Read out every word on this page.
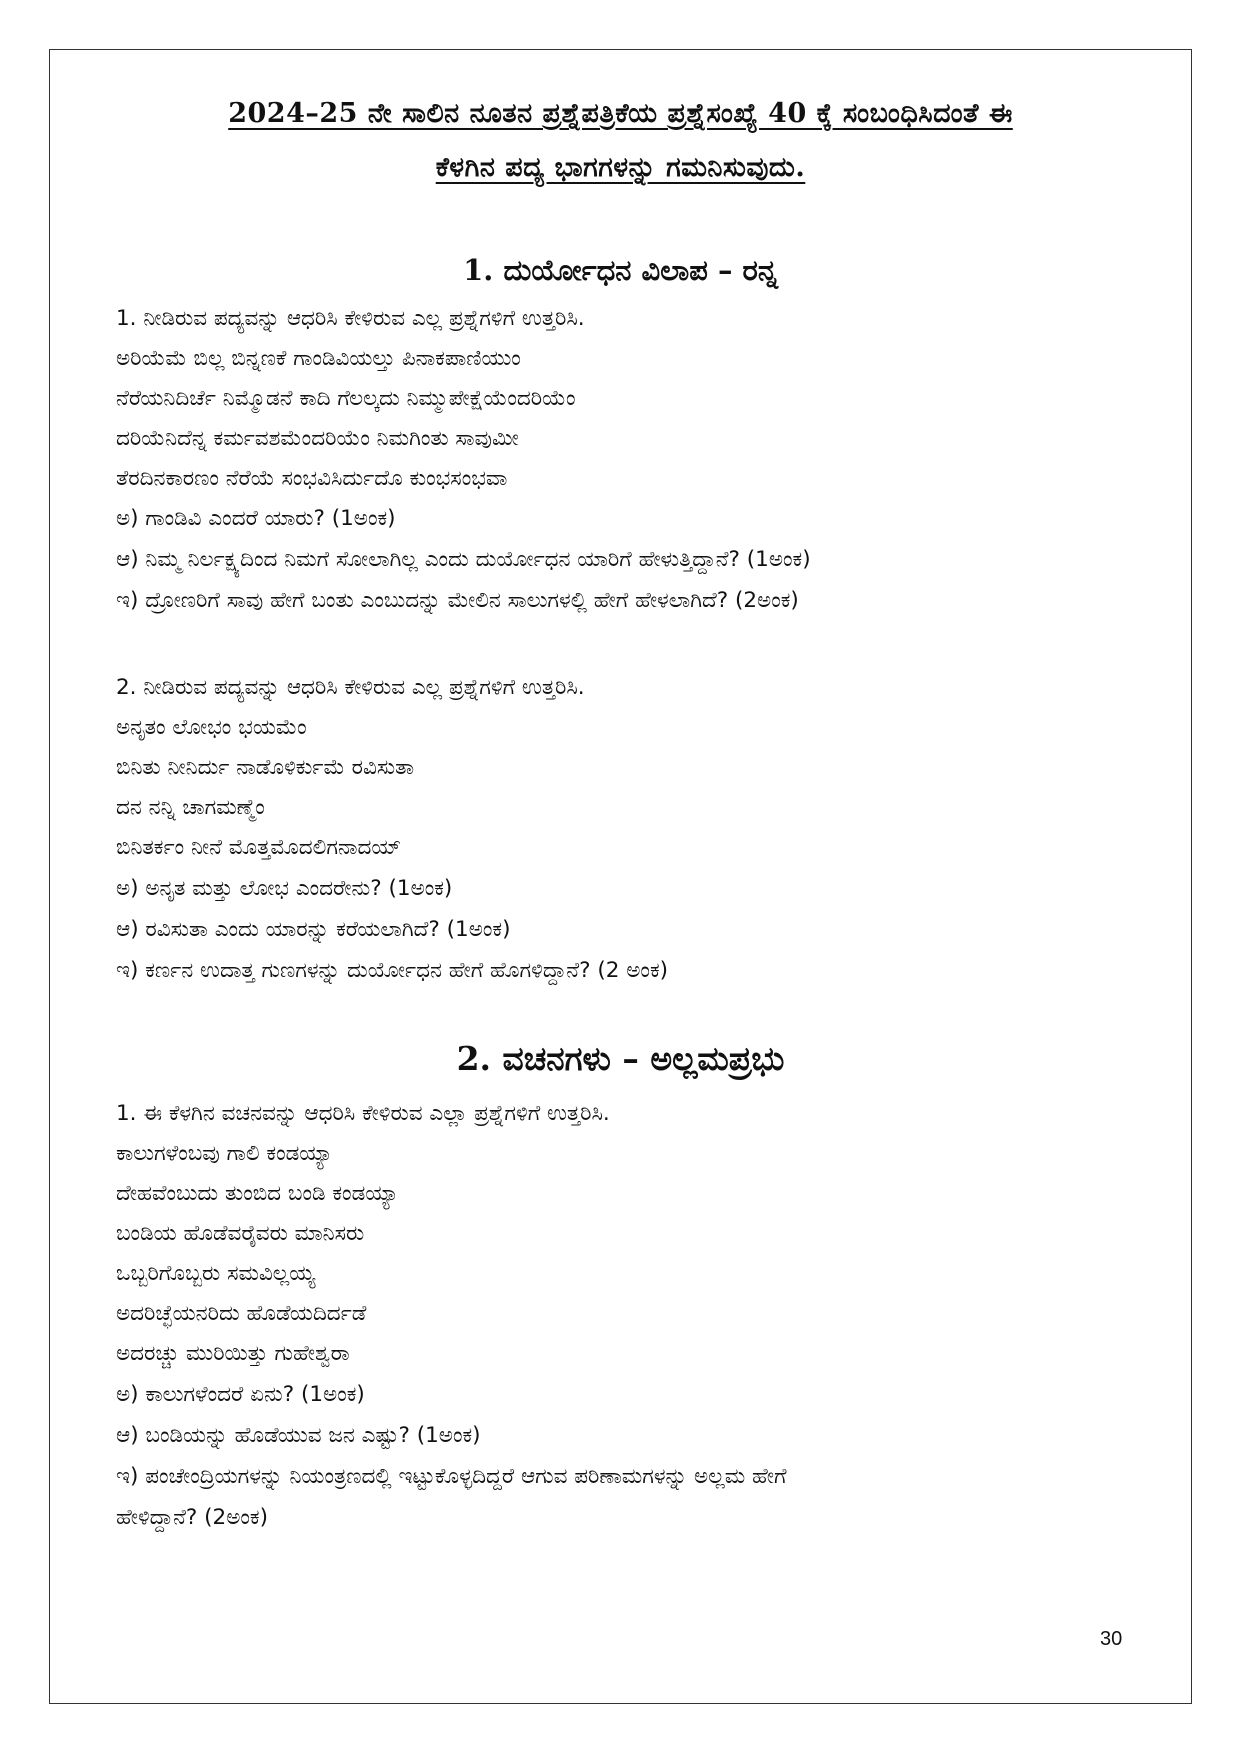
2024–25 ನೇ ಸಾಲಿನ ನೂತನ ಪ್ರಶ್ನೆಪತ್ರಿಕೆಯ ಪ್ರಶ್ನೆಸಂಖ್ಯೆ 40 ಕ್ಕೆ ಸಂಬಂಧಿಸಿದಂತೆ ಈ
ಕೆಳಗಿನ ಪದ್ಯ ಭಾಗಗಳನ್ನು ಗಮನಿಸುವುದು.
1. ದುರ್ಯೋಧನ ವಿಲಾಪ – ರನ್ನ
1. ನೀಡಿರುವ ಪದ್ಯವನ್ನು ಆಧರಿಸಿ ಕೇಳಿರುವ ಎಲ್ಲ ಪ್ರಶ್ನೆಗಳಿಗೆ ಉತ್ತರಿಸಿ.
ಅರಿಯೆಮೆ ಬಿಲ್ಲ ಬಿನ್ನಣಕೆ ಗಾಂಡಿವಿಯಲ್ತು ಪಿನಾಕಪಾಣಿಯುಂ
ನೆರೆಯನಿದಿರ್ಚೆ ನಿಮ್ಮೊಡನೆ ಕಾದಿ ಗೆಲಲ್ಕದು ನಿಮ್ಮುಪೇಕ್ಷೆಯೆಂದರಿಯೆಂ
ದರಿಯೆನಿದೆನ್ನ ಕರ್ಮವಶಮೆಂದರಿಯೆಂ ನಿಮಗಿಂತು ಸಾವುಮೀ
ತೆರದಿನಕಾರಣಂ ನೆರೆಯೆ ಸಂಭವಿಸಿರ್ದುದೊ ಕುಂಭಸಂಭವಾ
ಅ) ಗಾಂಡಿವಿ ಎಂದರೆ ಯಾರು? (1ಅಂಕ)
ಆ) ನಿಮ್ಮ ನಿರ್ಲಕ್ಷ್ಯದಿಂದ ನಿಮಗೆ ಸೋಲಾಗಿಲ್ಲ ಎಂದು ದುರ್ಯೋಧನ ಯಾರಿಗೆ ಹೇಳುತ್ತಿದ್ದಾನೆ? (1ಅಂಕ)
ಇ) ದ್ರೋಣರಿಗೆ ಸಾವು ಹೇಗೆ ಬಂತು ಎಂಬುದನ್ನು ಮೇಲಿನ ಸಾಲುಗಳಲ್ಲಿ ಹೇಗೆ ಹೇಳಲಾಗಿದೆ? (2ಅಂಕ)
2. ನೀಡಿರುವ ಪದ್ಯವನ್ನು ಆಧರಿಸಿ ಕೇಳಿರುವ ಎಲ್ಲ ಪ್ರಶ್ನೆಗಳಿಗೆ ಉತ್ತರಿಸಿ.
ಅನೃತಂ ಲೋಭಂ ಭಯಮೆಂ
ಬಿನಿತು ನೀನಿರ್ದು ನಾಡೊಳಿರ್ಕುಮೆ ರವಿಸುತಾ
ದನ ನನ್ನಿ ಚಾಗಮಣ್ಮೆಂ
ಬಿನಿತರ್ಕಂ ನೀನೆ ಮೊತ್ತಮೊದಲಿಗನಾದಯ್
ಅ) ಅನೃತ ಮತ್ತು ಲೋಭ ಎಂದರೇನು? (1ಅಂಕ)
ಆ) ರವಿಸುತಾ ಎಂದು ಯಾರನ್ನು ಕರೆಯಲಾಗಿದೆ? (1ಅಂಕ)
ಇ) ಕರ್ಣನ ಉದಾತ್ತ ಗುಣಗಳನ್ನು ದುರ್ಯೋಧನ ಹೇಗೆ ಹೊಗಳಿದ್ದಾನೆ? (2 ಅಂಕ)
2. ವಚನಗಳು – ಅಲ್ಲಮಪ್ರಭು
1. ಈ ಕೆಳಗಿನ ವಚನವನ್ನು ಆಧರಿಸಿ ಕೇಳಿರುವ ಎಲ್ಲಾ ಪ್ರಶ್ನೆಗಳಿಗೆ ಉತ್ತರಿಸಿ.
ಕಾಲುಗಳೆಂಬವು ಗಾಲಿ ಕಂಡಯ್ಯಾ
ದೇಹವೆಂಬುದು ತುಂಬಿದ ಬಂಡಿ ಕಂಡಯ್ಯಾ
ಬಂಡಿಯ ಹೊಡೆವರೈವರು ಮಾನಿಸರು
ಒಬ್ಬರಿಗೊಬ್ಬರು ಸಮವಿಲ್ಲಯ್ಯ
ಅದರಿಚ್ಛೆಯನರಿದು ಹೊಡೆಯದಿರ್ದಡೆ
ಅದರಚ್ಚು ಮುರಿಯಿತ್ತು ಗುಹೇಶ್ವರಾ
ಅ) ಕಾಲುಗಳೆಂದರೆ ಏನು? (1ಅಂಕ)
ಆ) ಬಂಡಿಯನ್ನು ಹೊಡೆಯುವ ಜನ ಎಷ್ಟು? (1ಅಂಕ)
ಇ) ಪಂಚೇಂದ್ರಿಯಗಳನ್ನು ನಿಯಂತ್ರಣದಲ್ಲಿ ಇಟ್ಟುಕೊಳ್ಳದಿದ್ದರೆ ಆಗುವ ಪರಿಣಾಮಗಳನ್ನು ಅಲ್ಲಮ ಹೇಗೆ
ಹೇಳಿದ್ದಾನೆ? (2ಅಂಕ)
30
